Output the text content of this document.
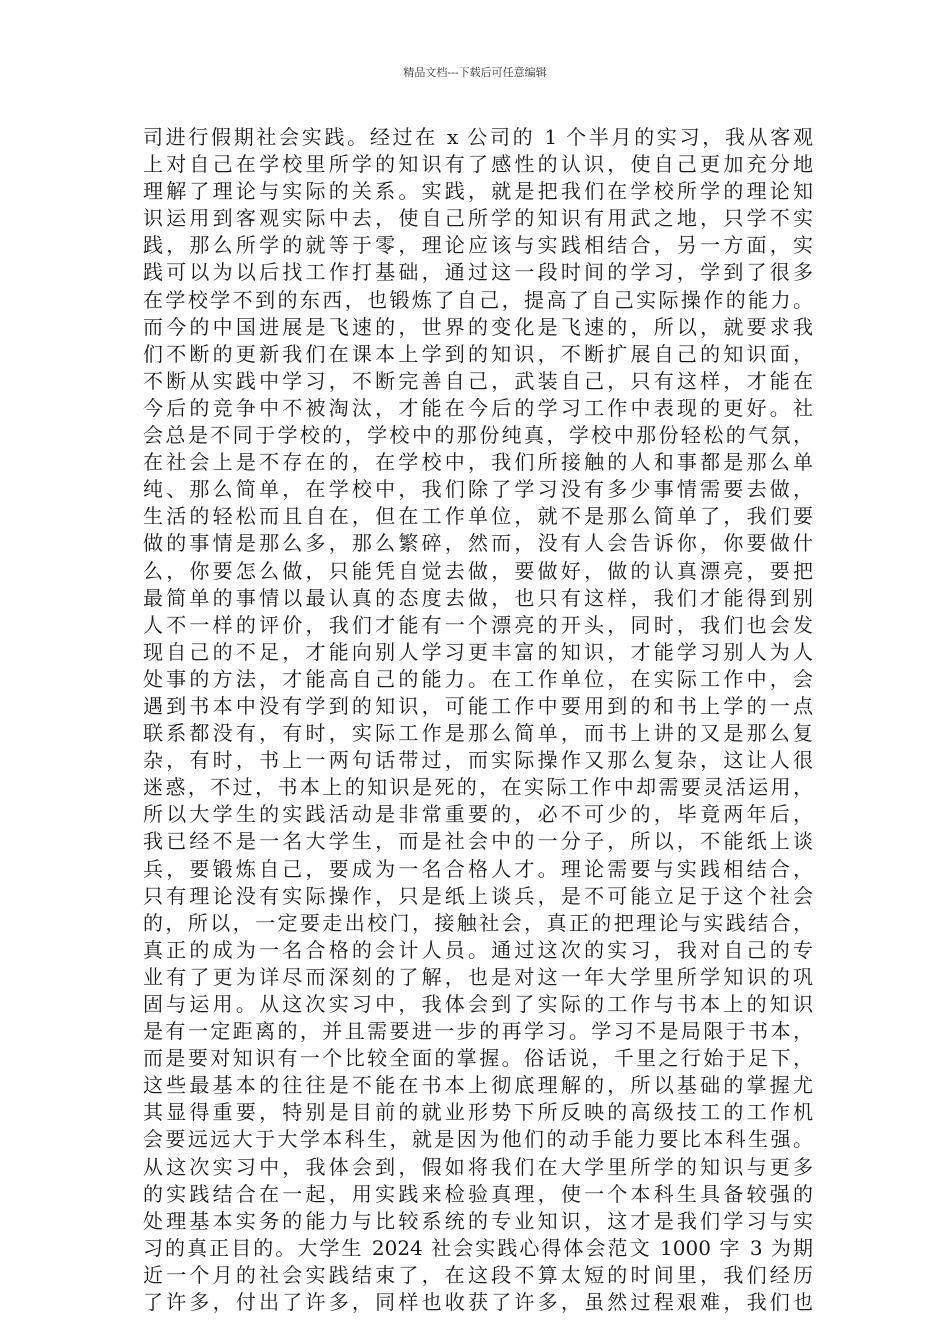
精品文档---下载后可任意编辑
司进行假期社会实践。经过在 x 公司的 1 个半月的实习，我从客观
上对自己在学校里所学的知识有了感性的认识，使自己更加充分地
理解了理论与实际的关系。实践，就是把我们在学校所学的理论知
识运用到客观实际中去，使自己所学的知识有用武之地，只学不实
践，那么所学的就等于零，理论应该与实践相结合，另一方面，实
践可以为以后找工作打基础，通过这一段时间的学习，学到了很多
在学校学不到的东西，也锻炼了自己，提高了自己实际操作的能力。
而今的中国进展是飞速的，世界的变化是飞速的，所以，就要求我
们不断的更新我们在课本上学到的知识，不断扩展自己的知识面，
不断从实践中学习，不断完善自己，武装自己，只有这样，才能在
今后的竞争中不被淘汰，才能在今后的学习工作中表现的更好。社
会总是不同于学校的，学校中的那份纯真，学校中那份轻松的气氛，
在社会上是不存在的，在学校中，我们所接触的人和事都是那么单
纯、那么简单，在学校中，我们除了学习没有多少事情需要去做，
生活的轻松而且自在，但在工作单位，就不是那么简单了，我们要
做的事情是那么多，那么繁碎，然而，没有人会告诉你，你要做什
么，你要怎么做，只能凭自觉去做，要做好，做的认真漂亮，要把
最简单的事情以最认真的态度去做，也只有这样，我们才能得到别
人不一样的评价，我们才能有一个漂亮的开头，同时，我们也会发
现自己的不足，才能向别人学习更丰富的知识，才能学习别人为人
处事的方法，才能高自己的能力。在工作单位，在实际工作中，会
遇到书本中没有学到的知识，可能工作中要用到的和书上学的一点
联系都没有，有时，实际工作是那么简单，而书上讲的又是那么复
杂，有时，书上一两句话带过，而实际操作又那么复杂，这让人很
迷惑，不过，书本上的知识是死的，在实际工作中却需要灵活运用，
所以大学生的实践活动是非常重要的，必不可少的，毕竟两年后，
我已经不是一名大学生，而是社会中的一分子，所以，不能纸上谈
兵，要锻炼自己，要成为一名合格人才。理论需要与实践相结合，
只有理论没有实际操作，只是纸上谈兵，是不可能立足于这个社会
的，所以，一定要走出校门，接触社会，真正的把理论与实践结合，
真正的成为一名合格的会计人员。通过这次的实习，我对自己的专
业有了更为详尽而深刻的了解，也是对这一年大学里所学知识的巩
固与运用。从这次实习中，我体会到了实际的工作与书本上的知识
是有一定距离的，并且需要进一步的再学习。学习不是局限于书本，
而是要对知识有一个比较全面的掌握。俗话说，千里之行始于足下，
这些最基本的往往是不能在书本上彻底理解的，所以基础的掌握尤
其显得重要，特别是目前的就业形势下所反映的高级技工的工作机
会要远远大于大学本科生，就是因为他们的动手能力要比本科生强。
从这次实习中，我体会到，假如将我们在大学里所学的知识与更多
的实践结合在一起，用实践来检验真理，使一个本科生具备较强的
处理基本实务的能力与比较系统的专业知识，这才是我们学习与实
习的真正目的。大学生 2024 社会实践心得体会范文 1000 字 3 为期
近一个月的社会实践结束了，在这段不算太短的时间里，我们经历
了许多，付出了许多，同样也收获了许多，虽然过程艰难，我们也
